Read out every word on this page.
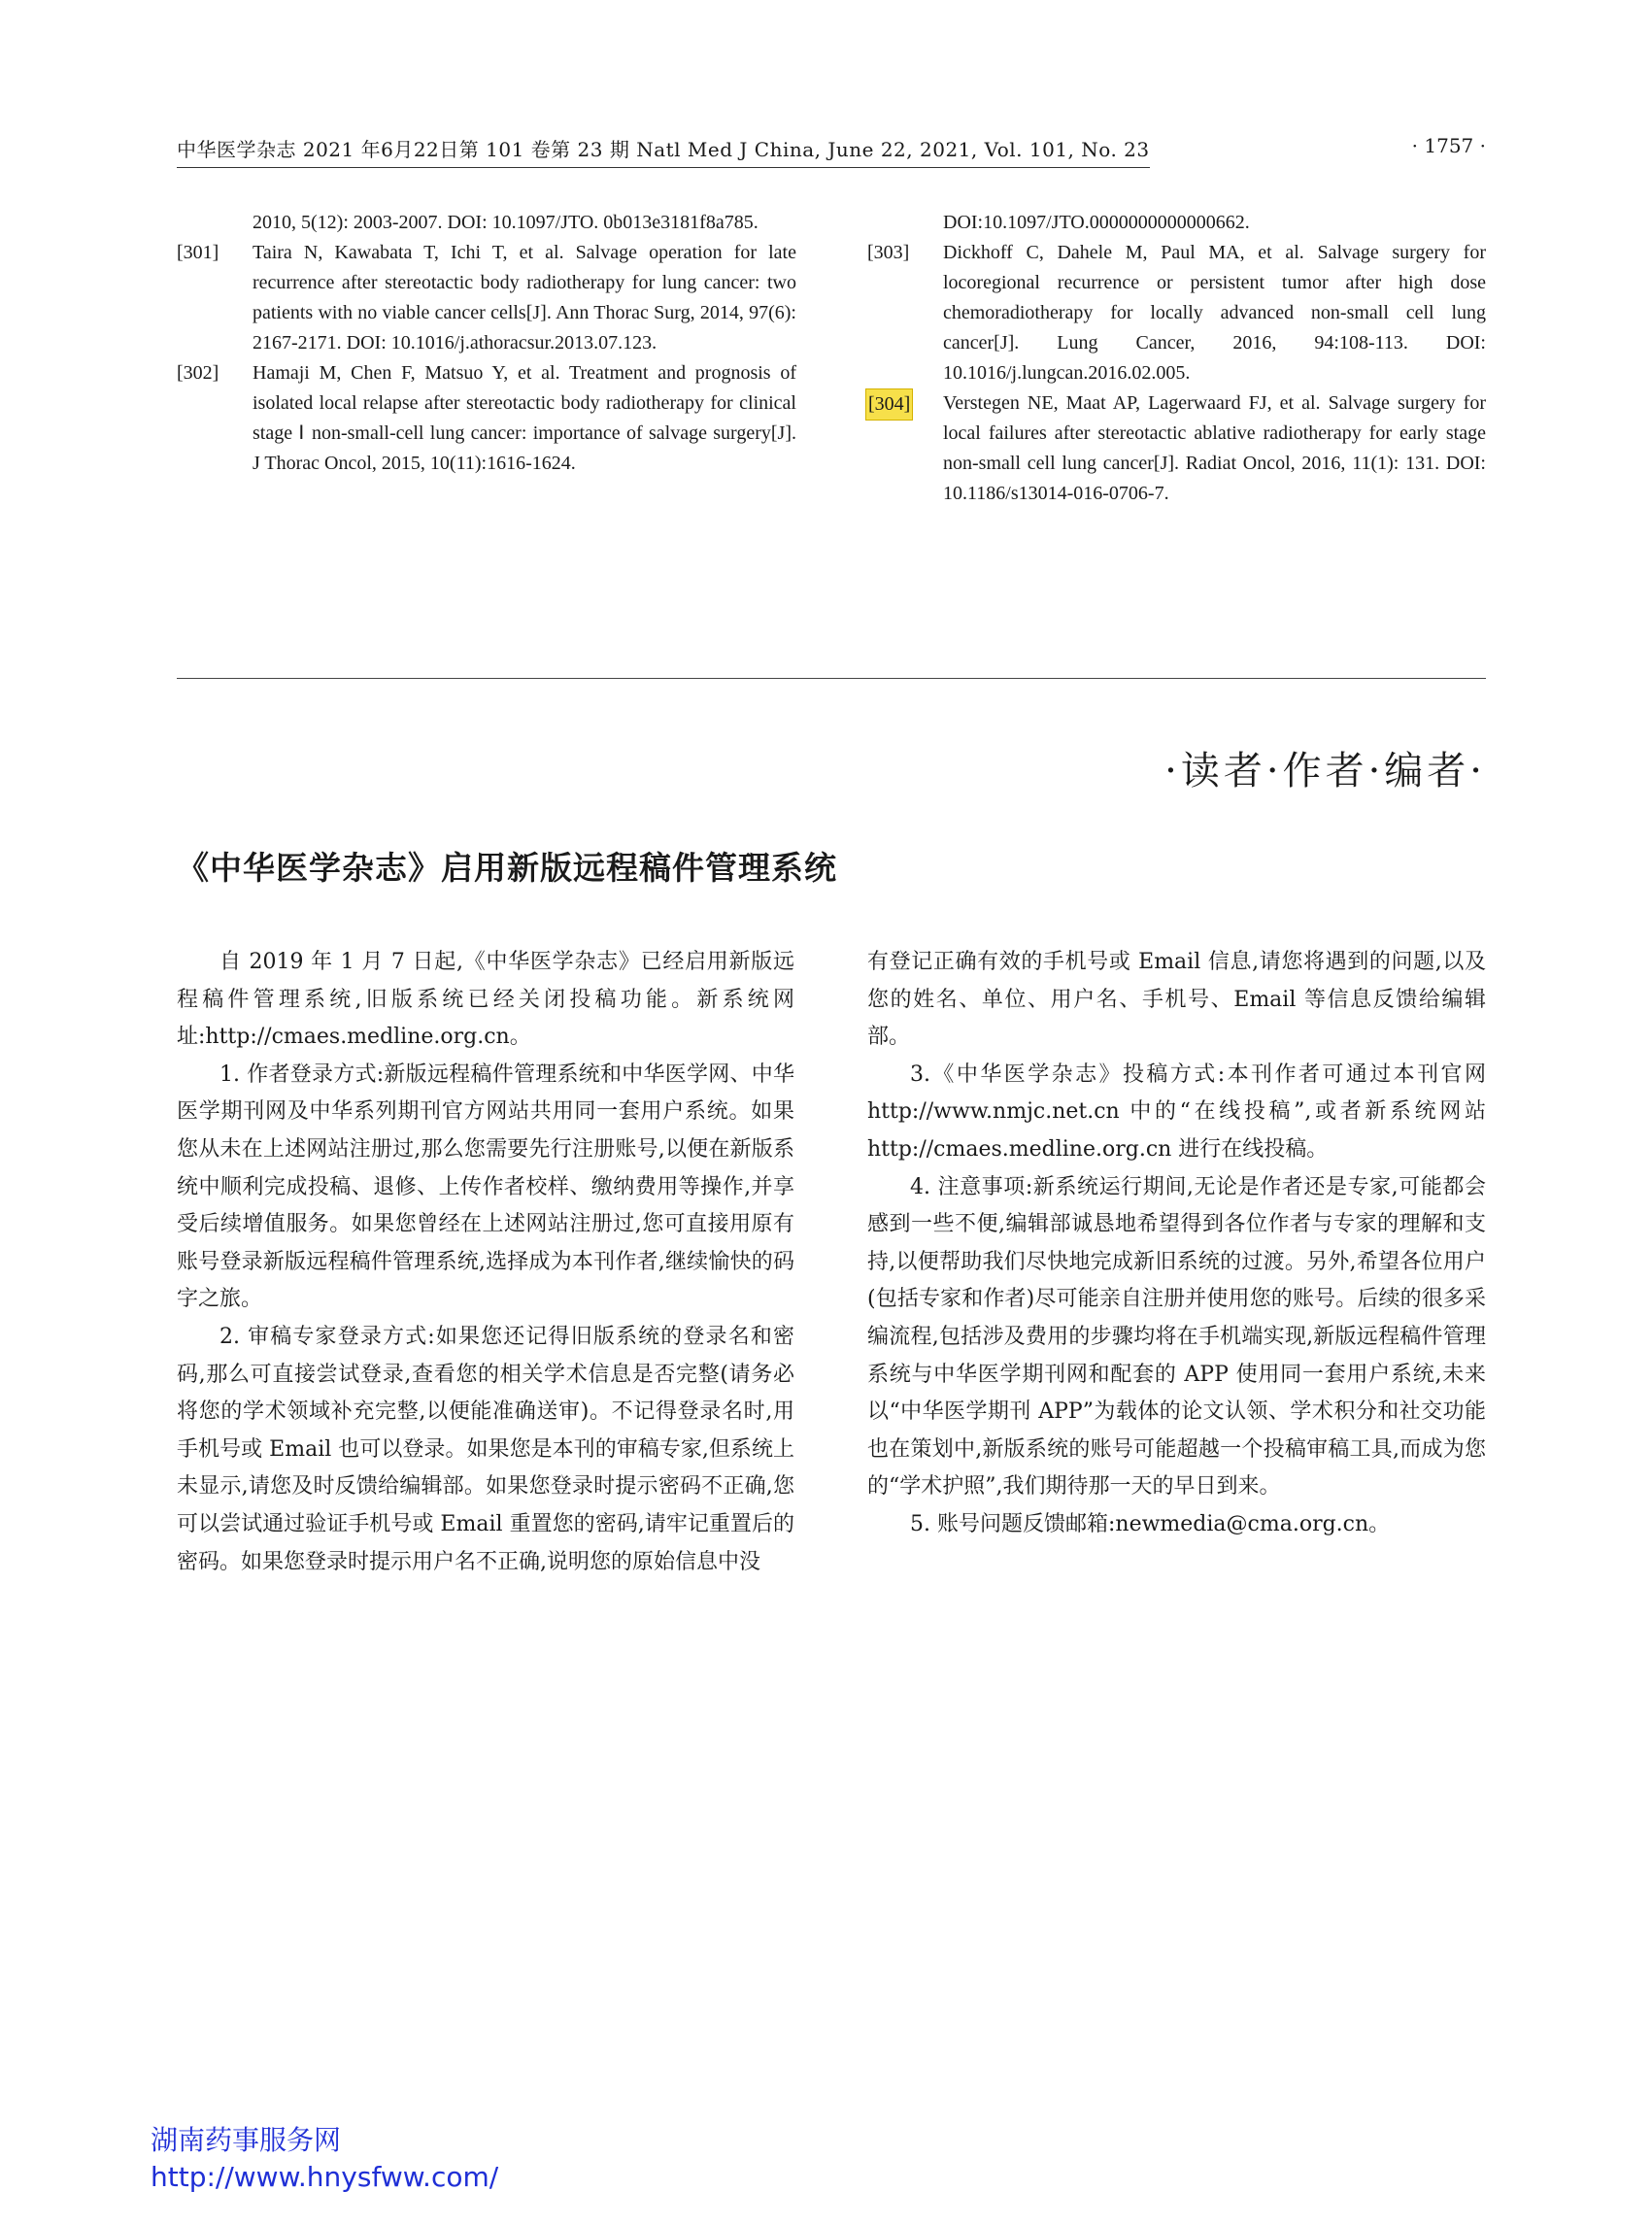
中华医学杂志 2021 年6月22日第 101 卷第 23 期 Natl Med J China, June 22, 2021, Vol. 101, No. 23	· 1757 ·
2010, 5(12): 2003-2007. DOI: 10.1097/JTO. 0b013e3181f8a785.
[301] Taira N, Kawabata T, Ichi T, et al. Salvage operation for late recurrence after stereotactic body radiotherapy for lung cancer: two patients with no viable cancer cells[J]. Ann Thorac Surg, 2014, 97(6): 2167-2171. DOI: 10.1016/j.athoracsur.2013.07.123.
[302] Hamaji M, Chen F, Matsuo Y, et al. Treatment and prognosis of isolated local relapse after stereotactic body radiotherapy for clinical stage Ⅰ non-small-cell lung cancer: importance of salvage surgery[J]. J Thorac Oncol, 2015, 10(11):1616-1624.
DOI:10.1097/JTO.0000000000000662.
[303] Dickhoff C, Dahele M, Paul MA, et al. Salvage surgery for locoregional recurrence or persistent tumor after high dose chemoradiotherapy for locally advanced non-small cell lung cancer[J]. Lung Cancer, 2016, 94:108-113. DOI: 10.1016/j.lungcan.2016.02.005.
[304] Verstegen NE, Maat AP, Lagerwaard FJ, et al. Salvage surgery for local failures after stereotactic ablative radiotherapy for early stage non-small cell lung cancer[J]. Radiat Oncol, 2016, 11(1): 131. DOI: 10.1186/s13014-016-0706-7.
·读者·作者·编者·
《中华医学杂志》启用新版远程稿件管理系统

自 2019 年 1 月 7 日起,《中华医学杂志》已经启用新版远程稿件管理系统,旧版系统已经关闭投稿功能。新系统网址:http://cmaes.medline.org.cn。

1. 作者登录方式:新版远程稿件管理系统和中华医学网、中华医学期刊网及中华系列期刊官方网站共用同一套用户系统。如果您从未在上述网站注册过,那么您需要先行注册账号,以便在新版系统中顺利完成投稿、退修、上传作者校样、缴纳费用等操作,并享受后续增值服务。如果您曾经在上述网站注册过,您可直接用原有账号登录新版远程稿件管理系统,选择成为本刊作者,继续愉快的码字之旅。

2. 审稿专家登录方式:如果您还记得旧版系统的登录名和密码,那么可直接尝试登录,查看您的相关学术信息是否完整(请务必将您的学术领域补充完整,以便能准确送审)。不记得登录名时,用手机号或 Email 也可以登录。如果您是本刊的审稿专家,但系统上未显示,请您及时反馈给编辑部。如果您登录时提示密码不正确,您可以尝试通过验证手机号或 Email 重置您的密码,请牢记重置后的密码。如果您登录时提示用户名不正确,说明您的原始信息中没

有登记正确有效的手机号或 Email 信息,请您将遇到的问题,以及您的姓名、单位、用户名、手机号、Email 等信息反馈给编辑部。

3.《中华医学杂志》投稿方式:本刊作者可通过本刊官网 http://www.nmjc.net.cn 中的“在线投稿”,或者新系统网站 http://cmaes.medline.org.cn 进行在线投稿。

4. 注意事项:新系统运行期间,无论是作者还是专家,可能都会感到一些不便,编辑部诚恳地希望得到各位作者与专家的理解和支持,以便帮助我们尽快地完成新旧系统的过渡。另外,希望各位用户(包括专家和作者)尽可能亲自注册并使用您的账号。后续的很多采编流程,包括涉及费用的步骤均将在手机端实现,新版远程稿件管理系统与中华医学期刊网和配套的 APP 使用同一套用户系统,未来以“中华医学期刊 APP”为载体的论文认领、学术积分和社交功能也在策划中,新版系统的账号可能超越一个投稿审稿工具,而成为您的“学术护照”,我们期待那一天的早日到来。

5. 账号问题反馈邮箱:newmedia@cma.org.cn。

湖南药事服务网
http://www.hnysfww.com/
